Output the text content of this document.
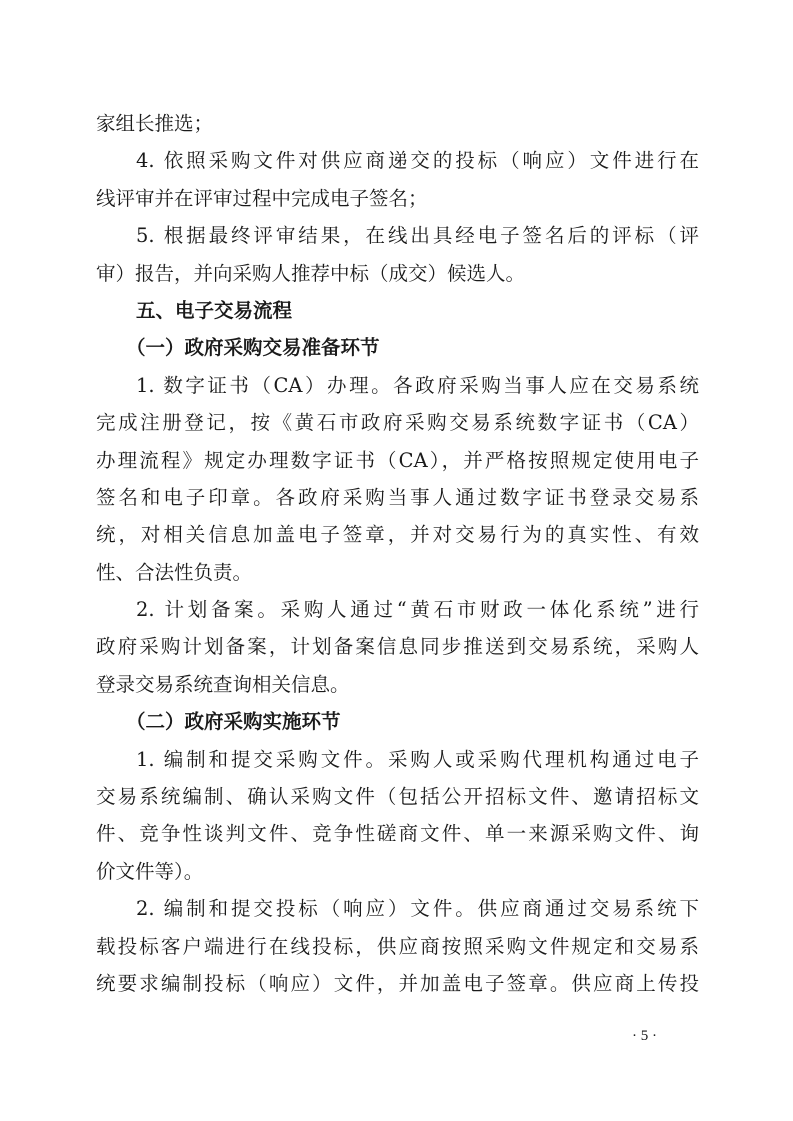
家组长推选；
4. 依照采购文件对供应商递交的投标（响应）文件进行在
线评审并在评审过程中完成电子签名；
5. 根据最终评审结果，在线出具经电子签名后的评标（评
审）报告，并向采购人推荐中标（成交）候选人。
五、电子交易流程
（一）政府采购交易准备环节
1. 数字证书（CA）办理。各政府采购当事人应在交易系统
完成注册登记，按《黄石市政府采购交易系统数字证书（CA）
办理流程》规定办理数字证书（CA），并严格按照规定使用电子
签名和电子印章。各政府采购当事人通过数字证书登录交易系
统，对相关信息加盖电子签章，并对交易行为的真实性、有效
性、合法性负责。
2. 计划备案。采购人通过“黄石市财政一体化系统”进行
政府采购计划备案，计划备案信息同步推送到交易系统，采购人
登录交易系统查询相关信息。
（二）政府采购实施环节
1. 编制和提交采购文件。采购人或采购代理机构通过电子
交易系统编制、确认采购文件（包括公开招标文件、邀请招标文
件、竞争性谈判文件、竞争性磋商文件、单一来源采购文件、询
价文件等）。
2. 编制和提交投标（响应）文件。供应商通过交易系统下
载投标客户端进行在线投标，供应商按照采购文件规定和交易系
统要求编制投标（响应）文件，并加盖电子签章。供应商上传投
· 5 ·
